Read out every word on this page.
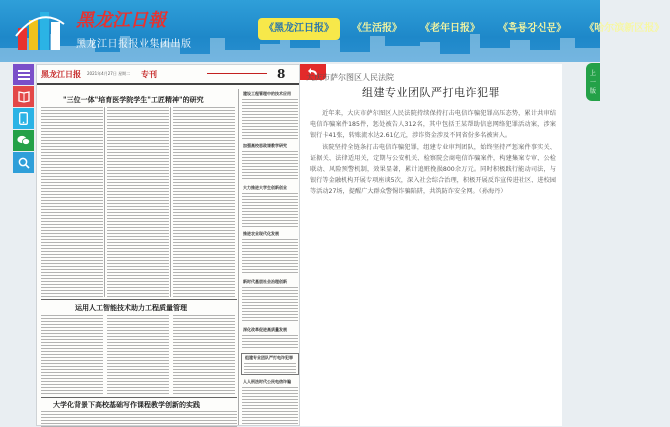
黑龙江日報
黑龙江日报报业集团出版
《黑龙江日报》	《生活报》	《老年日报》	《흑룡강신문》	《哈尔滨新区报》
黑龙江日报 2021年4月27日 星期二 专刊	8
"三位一体"培育医学院学生"工匠精神"的研究
运用人工智能技术助力工程质量管理
大学化背景下高校基础写作课程教学创新的实践
建设工程管理中的技术应用
加强高校思政课教学研究
大力推进大学生创新创业
推进农业现代化发展
新时代基层社会治理创新
深化改革促进高质量发展
组建专业团队严打电诈犯罪
人人刑法时代公民电信诈骗
大庆市萨尔图区人民法院
组建专业团队严打电诈犯罪

近年来，大庆市萨尔图区人民法院持续保持打击电信诈骗犯罪高压态势，累计共审结电信诈骗案件185件，惩处被告人312名，其中包括王某帮助信息网络犯罪活动案，涉案银行卡41张，转账流水达2.61亿元，涉诈资金涉及不同省份多名被害人。

该院坚持全链条打击电信诈骗犯罪，组建专业审判团队，始终坚持严惩案件事实关、证据关、法律适用关，定期与公安机关、检察院会商电信诈骗案件，构建集案专审、公检联动、风险预警机制，效果显著，累计追赃挽损800余万元。同时积极践行能动司法，与银行等金融机构开展专项座谈5次，深入社会综合治理，积极开展反诈宣传进社区、进校园等活动27场，提醒广大群众警惕诈骗陷阱，共筑防诈安全网。（孙海丹）

上
一
版
